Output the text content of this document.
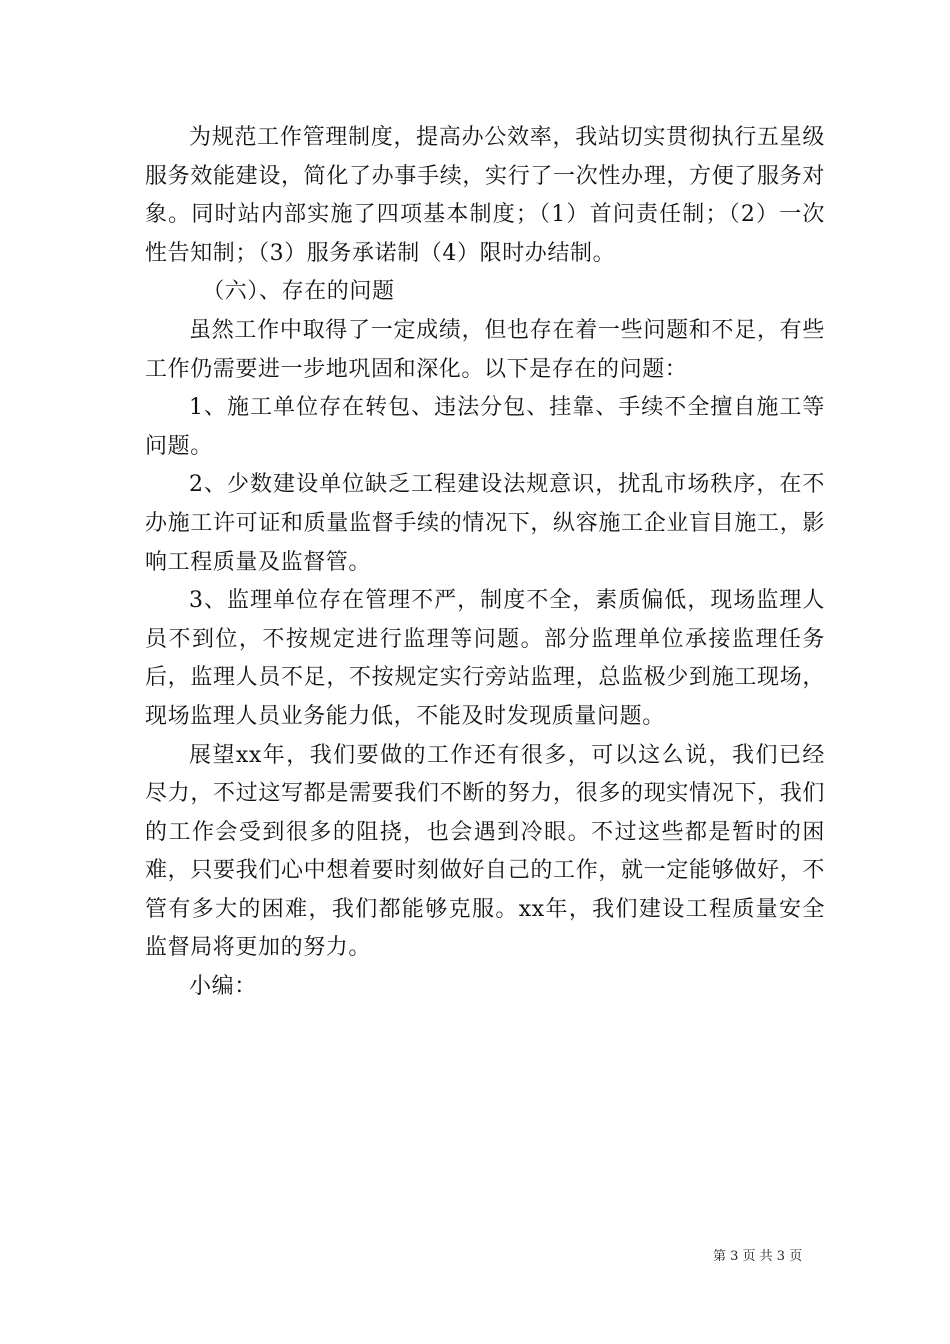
为规范工作管理制度，提高办公效率，我站切实贯彻执行五星级服务效能建设，简化了办事手续，实行了一次性办理，方便了服务对象。同时站内部实施了四项基本制度；（1）首问责任制；（2）一次性告知制；（3）服务承诺制（4）限时办结制。

（六）、存在的问题

虽然工作中取得了一定成绩，但也存在着一些问题和不足，有些工作仍需要进一步地巩固和深化。以下是存在的问题：

1、施工单位存在转包、违法分包、挂靠、手续不全擅自施工等问题。

2、少数建设单位缺乏工程建设法规意识，扰乱市场秩序，在不办施工许可证和质量监督手续的情况下，纵容施工企业盲目施工，影响工程质量及监督管。

3、监理单位存在管理不严，制度不全，素质偏低，现场监理人员不到位，不按规定进行监理等问题。部分监理单位承接监理任务后，监理人员不足，不按规定实行旁站监理，总监极少到施工现场，现场监理人员业务能力低，不能及时发现质量问题。

展望xx年，我们要做的工作还有很多，可以这么说，我们已经尽力，不过这写都是需要我们不断的努力，很多的现实情况下，我们的工作会受到很多的阻挠，也会遇到冷眼。不过这些都是暂时的困难，只要我们心中想着要时刻做好自己的工作，就一定能够做好，不管有多大的困难，我们都能够克服。xx年，我们建设工程质量安全监督局将更加的努力。

小编：

第 3 页 共 3 页
